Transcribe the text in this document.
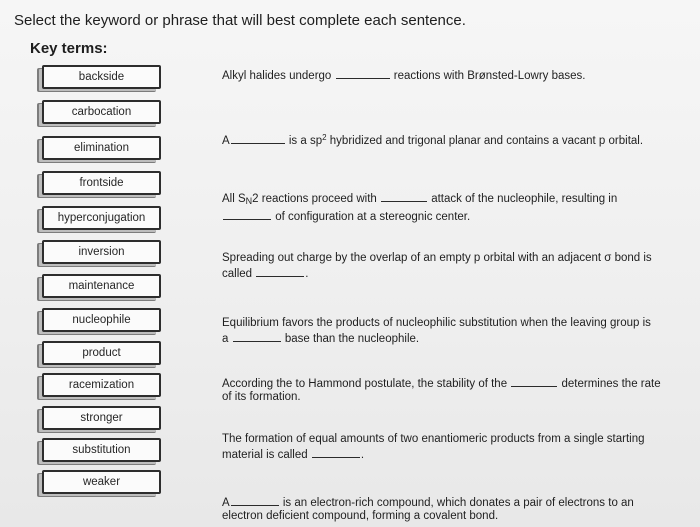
Select the keyword or phrase that will best complete each sentence.
Key terms:
backside
carbocation
elimination
frontside
hyperconjugation
inversion
maintenance
nucleophile
product
racemization
stronger
substitution
weaker
Alkyl halides undergo	reactions with Brønsted-Lowry bases.
A	is a $sp^2$ hybridized and trigonal planar and contains a vacant p orbital.
All $S_N2$ reactions proceed with	attack of the nucleophile, resulting in
of configuration at a stereognic center.
Spreading out charge by the overlap of an empty p orbital with an adjacent σ bond is
called	.
Equilibrium favors the products of nucleophilic substitution when the leaving group is
a	base than the nucleophile.
According the to Hammond postulate, the stability of the	determines the rate
of its formation.
The formation of equal amounts of two enantiomeric products from a single starting
material is called	.
A	is an electron-rich compound, which donates a pair of electrons to an
electron deficient compound, forming a covalent bond.
